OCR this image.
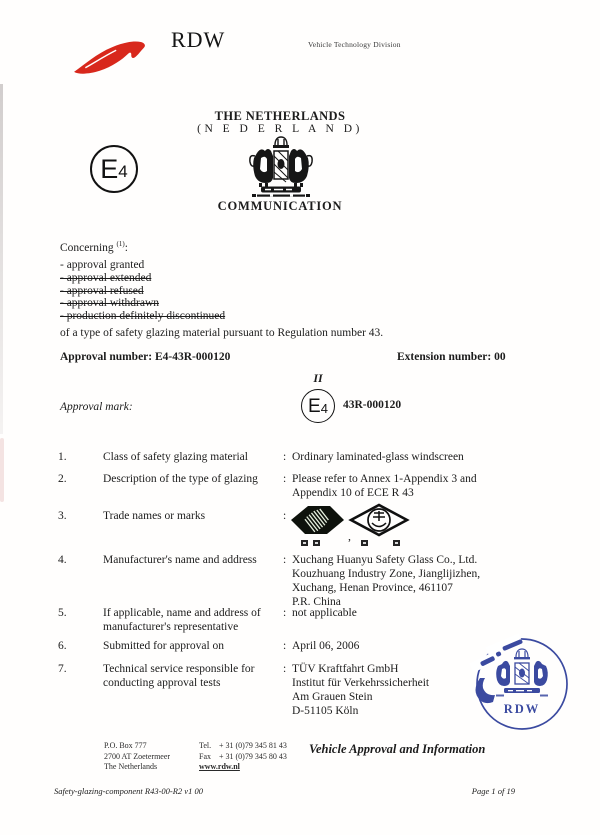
RDW	Vehicle Technology Division
THE NETHERLANDS
(N E D E R L A N D)
COMMUNICATION
E 4
Concerning $^{(1)}$:
- approval granted
- approval extended
- approval refused
- approval withdrawn
- production definitely discontinued
of a type of safety glazing material pursuant to Regulation number 43.
Approval number: E4-43R-000120	Extension number: 00
Approval mark:
II
E 4 43R-000120
1.	Class of safety glazing material	: Ordinary laminated-glass windscreen
2.	Description of the type of glazing	: Please refer to Annex 1-Appendix 3 and
Appendix 10 of ECE R 43
3.	Trade names or marks	:
,
4.	Manufacturer's name and address	: Xuchang Huanyu Safety Glass Co., Ltd.
Kouzhuang Industry Zone, Jianglijizhen,
Xuchang, Henan Province, 461107
P.R. China
5.	If applicable, name and address of
manufacturer's representative
: not applicable
6.	Submitted for approval on	: April 06, 2006
7.	Technical service responsible for
conducting approval tests
: TÜV Kraftfahrt GmbH
Institut für Verkehrssicherheit
Am Grauen Stein
D-51105 Köln	RDW
P.O. Box 777
2700 AT Zoetermeer
The Netherlands
Tel. + 31 (0)79 345 81 43
Fax + 31 (0)79 345 80 43
www.rdw.nl
Vehicle Approval and Information
Safety-glazing-component R43-00-R2 v1 00	Page 1 of 19
